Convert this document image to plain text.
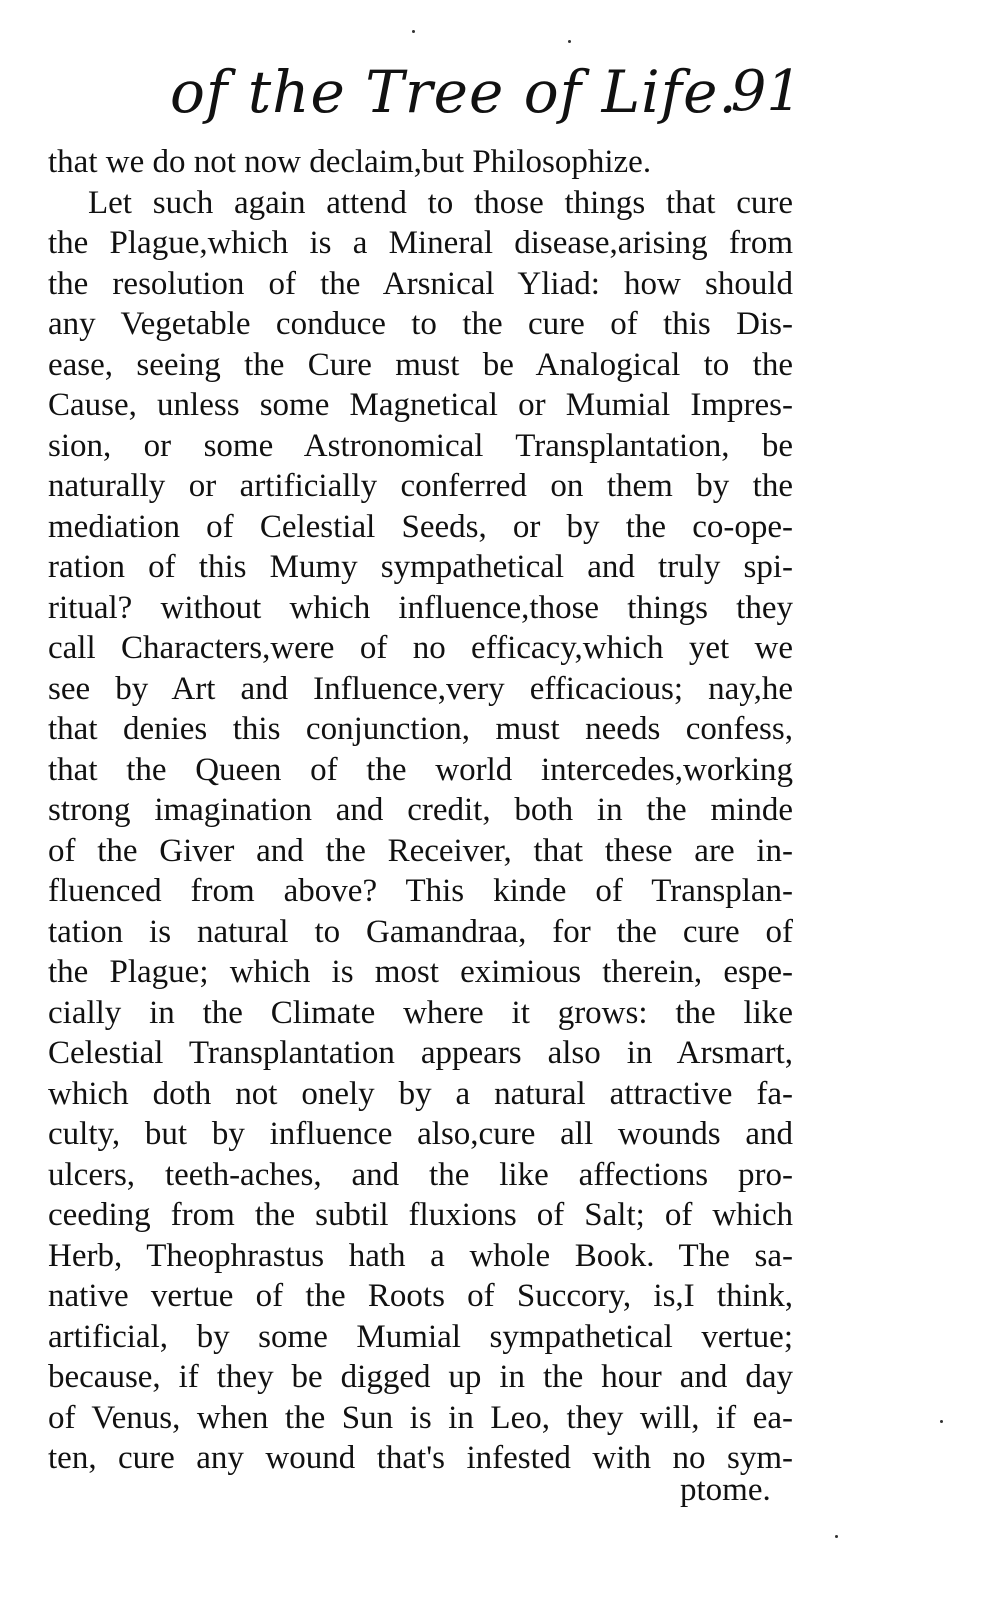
of the Tree of Life.
91
that we do not now declaim,but Philosophize.
Let such again attend to those things that cure
the Plague,which is a Mineral disease,arising from
the resolution of the Arsnical Yliad: how should
any Vegetable conduce to the cure of this Dis-
ease, seeing the Cure must be Analogical to the
Cause, unless some Magnetical or Mumial Impres-
sion, or some Astronomical Transplantation, be
naturally or artificially conferred on them by the
mediation of Celestial Seeds, or by the co-ope-
ration of this Mumy sympathetical and truly spi-
ritual? without which influence,those things they
call Characters,were of no efficacy,which yet we
see by Art and Influence,very efficacious; nay,he
that denies this conjunction, must needs confess,
that the Queen of the world intercedes,working
strong imagination and credit, both in the minde
of the Giver and the Receiver, that these are in-
fluenced from above? This kinde of Transplan-
tation is natural to Gamandraa, for the cure of
the Plague; which is most eximious therein, espe-
cially in the Climate where it grows: the like
Celestial Transplantation appears also in Arsmart,
which doth not onely by a natural attractive fa-
culty, but by influence also,cure all wounds and
ulcers, teeth-aches, and the like affections pro-
ceeding from the subtil fluxions of Salt; of which
Herb, Theophrastus hath a whole Book. The sa-
native vertue of the Roots of Succory, is,I think,
artificial, by some Mumial sympathetical vertue;
because, if they be digged up in the hour and day
of Venus, when the Sun is in Leo, they will, if ea-
ten, cure any wound that's infested with no sym-
ptome.
